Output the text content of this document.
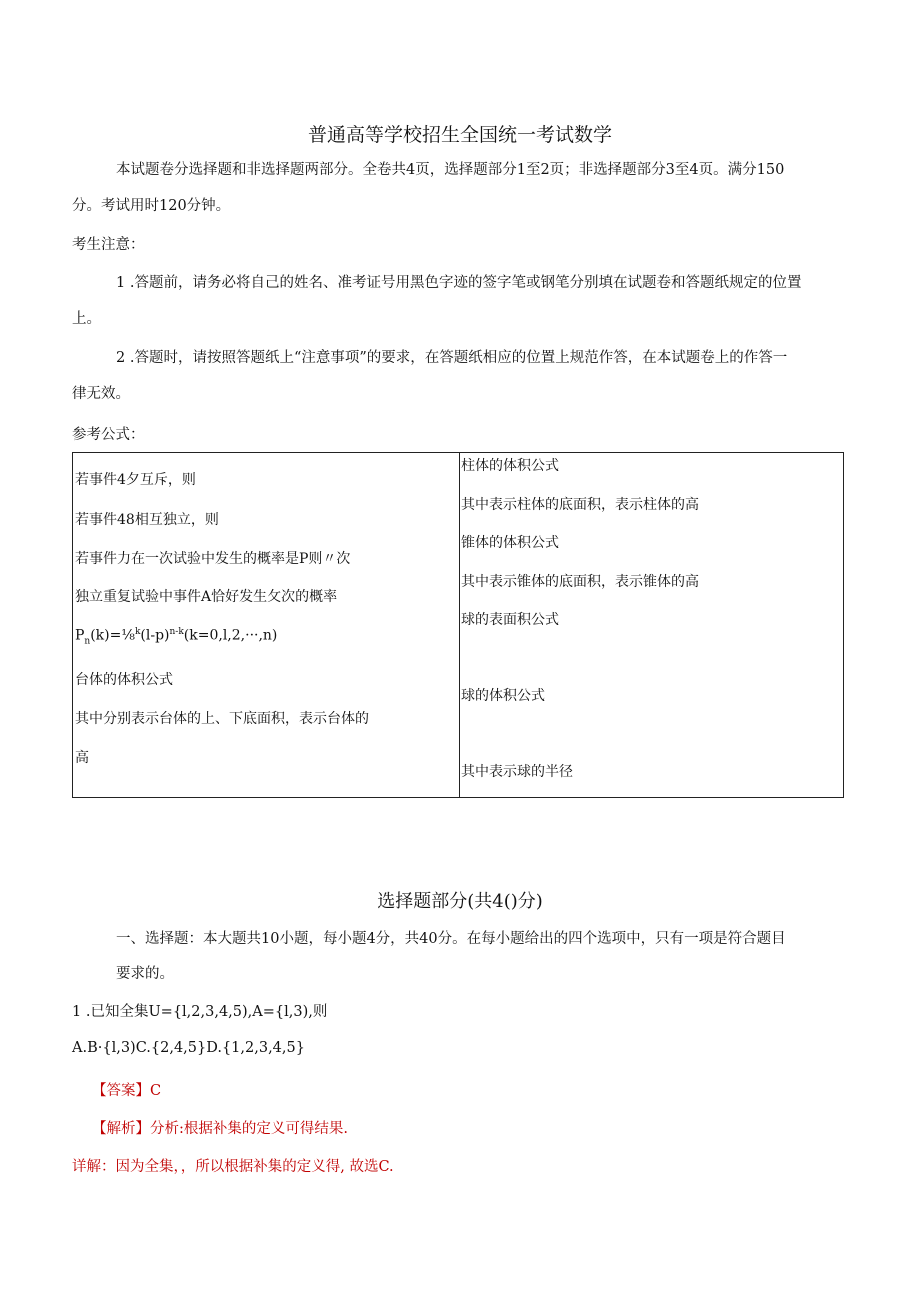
普通高等学校招生全国统一考试数学
本试题卷分选择题和非选择题两部分。全卷共4页，选择题部分1至2页；非选择题部分3至4页。满分150
分。考试用时120分钟。
考生注意：
1 .答题前，请务必将自己的姓名、准考证号用黑色字迹的签字笔或钢笔分别填在试题卷和答题纸规定的位置
上。
2 .答题时，请按照答题纸上“注意事项”的要求，在答题纸相应的位置上规范作答，在本试题卷上的作答一
律无效。
参考公式：
若事件4夕互斥，则
若事件48相互独立，则
若事件力在一次试验中发生的概率是P则〃次
独立重复试验中事件A恰好发生攵次的概率
$P_n(k)=\frac{1}{8}^k(l-p)^{n-k}(k=0,l,2,\cdot\cdot\cdot,n)$
台体的体积公式
其中分别表示台体的上、下底面积，表示台体的
高
柱体的体积公式
其中表示柱体的底面积，表示柱体的高
锥体的体积公式
其中表示锥体的底面积，表示锥体的高
球的表面积公式
球的体积公式
其中表示球的半径
选择题部分(共4()分)
一、选择题：本大题共10小题，每小题4分，共40分。在每小题给出的四个选项中，只有一项是符合题目
要求的。
1 .已知全集U={l,2,3,4,5),A={l,3),则
A.B·{l,3)C.{2,4,5}D.{1,2,3,4,5}
【答案】C
【解析】分析:根据补集的定义可得结果.
详解：因为全集，，所以根据补集的定义得, 故选C.
